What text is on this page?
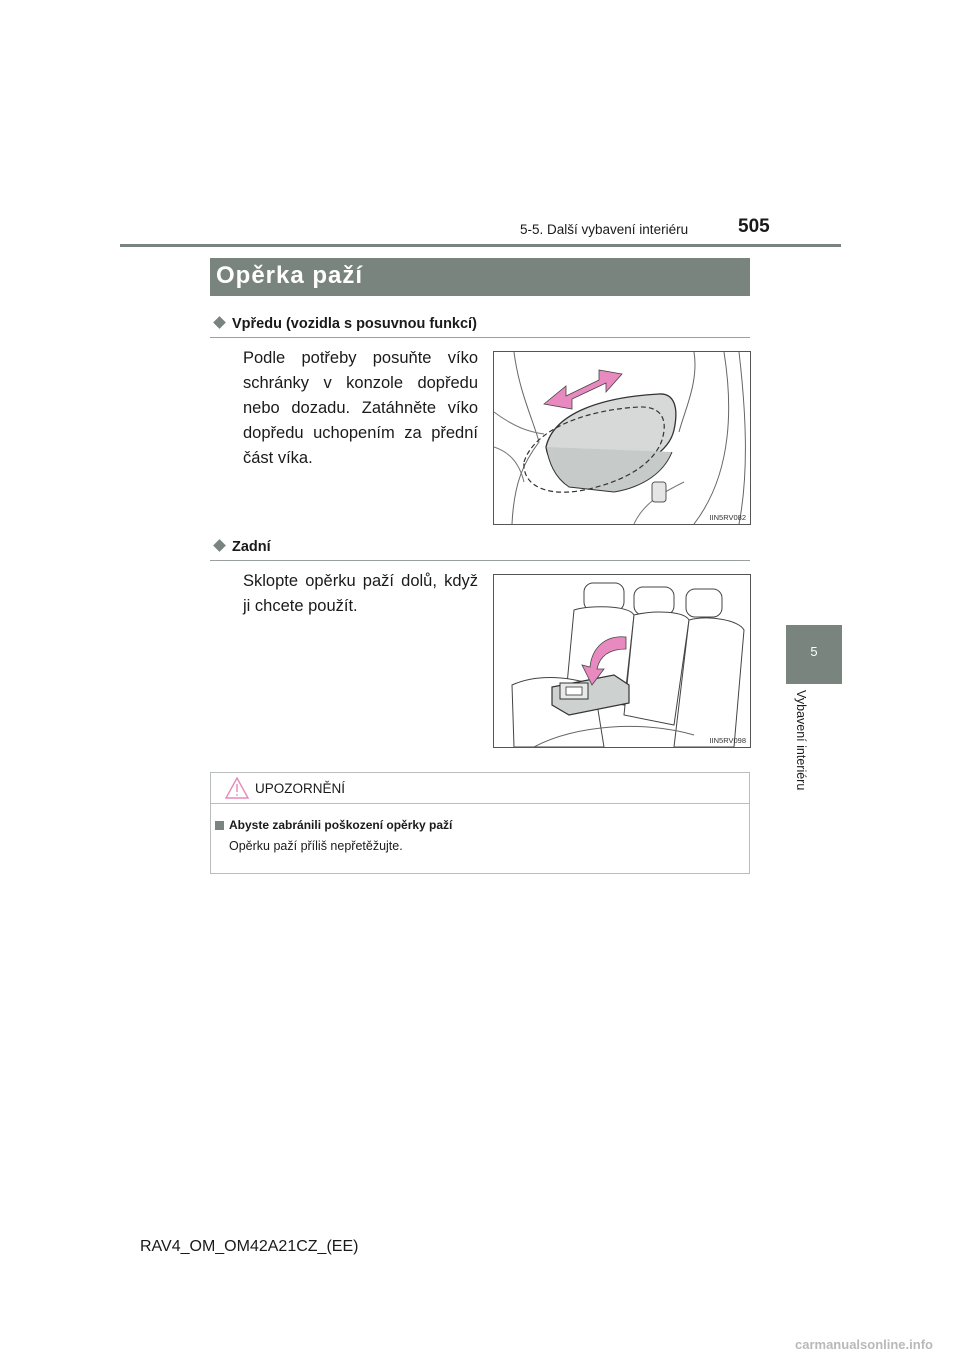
5-5. Další vybavení interiéru	505
5
Vybavení interiéru
Opěrka paží
Vpředu (vozidla s posuvnou funkcí)
Podle potřeby posuňte víko schránky v konzole dopředu nebo dozadu. Zatáhněte víko dopředu uchopením za přední část víka.
IIN5RV082
Zadní
Sklopte opěrku paží dolů, když ji chcete použít.
IIN5RV098
UPOZORNĚNÍ
Abyste zabránili poškození opěrky paží
Opěrku paží příliš nepřetěžujte.
RAV4_OM_OM42A21CZ_(EE)
carmanualsonline.info
